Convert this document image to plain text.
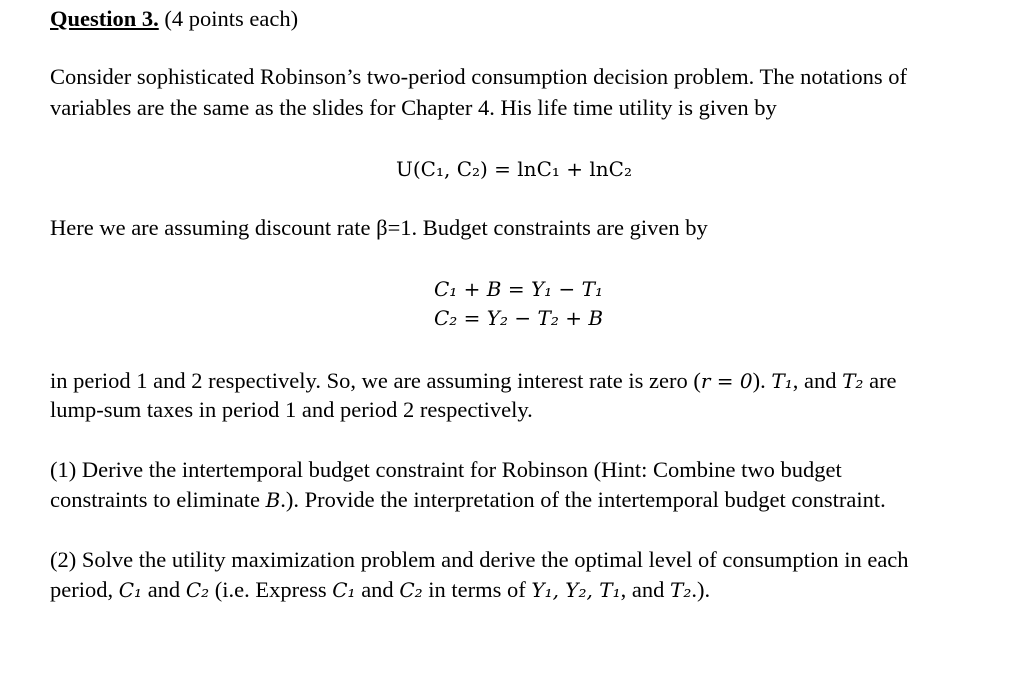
Question 3. (4 points each)
Consider sophisticated Robinson’s two-period consumption decision problem. The notations of
variables are the same as the slides for Chapter 4. His life time utility is given by
U(C₁, C₂) = lnC₁ + lnC₂
Here we are assuming discount rate β=1. Budget constraints are given by
C₁ + B = Y₁ − T₁
C₂ = Y₂ − T₂ + B
in period 1 and 2 respectively. So, we are assuming interest rate is zero (r = 0). T₁, and T₂ are
lump-sum taxes in period 1 and period 2 respectively.
(1) Derive the intertemporal budget constraint for Robinson (Hint: Combine two budget
constraints to eliminate B.). Provide the interpretation of the intertemporal budget constraint.
(2) Solve the utility maximization problem and derive the optimal level of consumption in each
period, C₁ and C₂ (i.e. Express C₁ and C₂ in terms of Y₁, Y₂, T₁, and T₂.).
